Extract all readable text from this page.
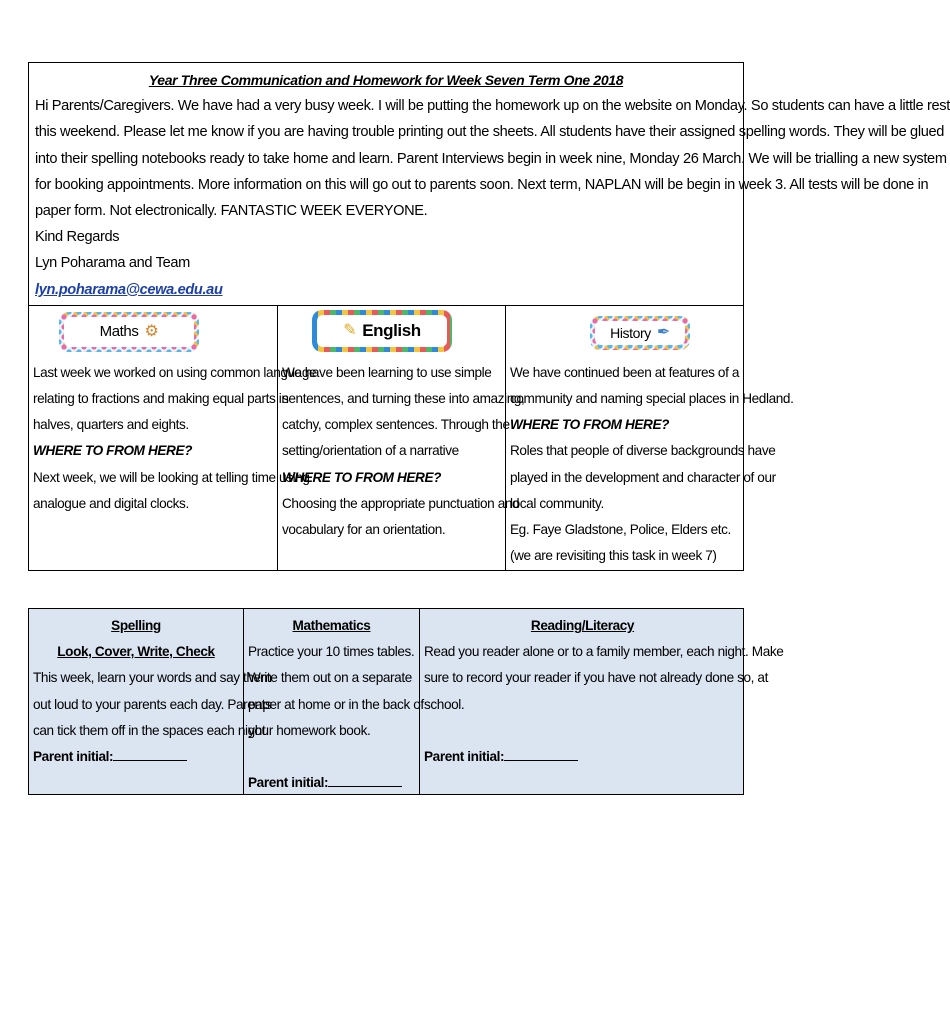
Year Three Communication and Homework for Week Seven Term One 2018

Hi Parents/Caregivers. We have had a very busy week. I will be putting the homework up on the website on Monday. So students can have a little rest

this weekend. Please let me know if you are having trouble printing out the sheets. All students have their assigned spelling words. They will be glued

into their spelling notebooks ready to take home and learn. Parent Interviews begin in week nine, Monday 26 March. We will be trialling a new system

for booking appointments. More information on this will go out to parents soon. Next term, NAPLAN will be begin in week 3. All tests will be done in

paper form. Not electronically. FANTASTIC WEEK EVERYONE.

Kind Regards

Lyn Poharama and Team

lyn.poharama@cewa.edu.au

Maths ⚙

Last week we worked on using common language

relating to fractions and making equal parts in

halves, quarters and eights.

WHERE TO FROM HERE?

Next week, we will be looking at telling time using

analogue and digital clocks.

✎ English

We have been learning to use simple

sentences, and turning these into amazing,

catchy, complex sentences. Through the

setting/orientation of a narrative

WHERE TO FROM HERE?

Choosing the appropriate punctuation and

vocabulary for an orientation.

History ✒

We have continued been at features of a

community and naming special places in Hedland.

WHERE TO FROM HERE?

Roles that people of diverse backgrounds have

played in the development and character of our

local community.

Eg. Faye Gladstone, Police, Elders etc.

(we are revisiting this task in week 7)

Spelling

Look, Cover, Write, Check

This week, learn your words and say them

out loud to your parents each day. Parents

can tick them off in the spaces each night.

Parent initial:

Mathematics

Practice your 10 times tables.

Write them out on a separate

paper at home or in the back of

your homework book.

Parent initial:

Reading/Literacy

Read you reader alone or to a family member, each night. Make

sure to record your reader if you have not already done so, at

school.

Parent initial:
